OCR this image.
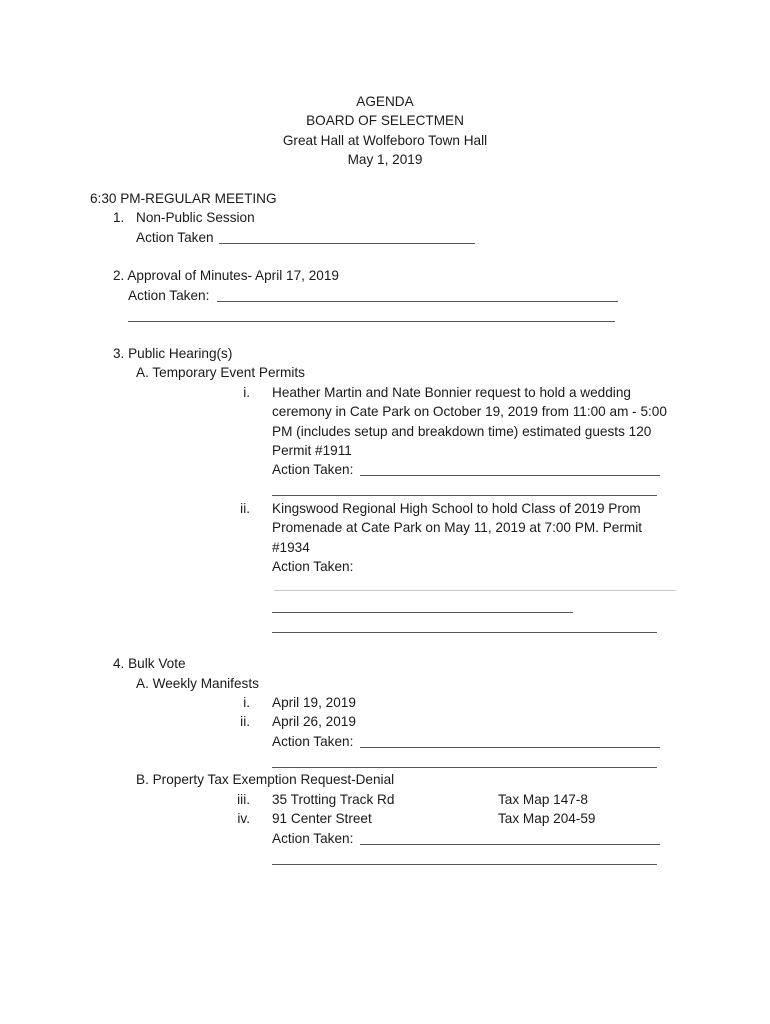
AGENDA
BOARD OF SELECTMEN
Great Hall at Wolfeboro Town Hall
May 1, 2019
6:30 PM-REGULAR MEETING
1. Non-Public Session
Action Taken
2. Approval of Minutes- April 17, 2019
Action Taken:
3. Public Hearing(s)
A. Temporary Event Permits
i. Heather Martin and Nate Bonnier request to hold a wedding
ceremony in Cate Park on October 19, 2019 from 11:00 am - 5:00
PM (includes setup and breakdown time) estimated guests 120
Permit #1911
Action Taken:
ii. Kingswood Regional High School to hold Class of 2019 Prom
Promenade at Cate Park on May 11, 2019 at 7:00 PM. Permit
#1934
Action Taken:
4. Bulk Vote
A. Weekly Manifests
i. April 19, 2019
ii. April 26, 2019
Action Taken:
B. Property Tax Exemption Request-Denial
iii. 35 Trotting Track Rd	Tax Map 147-8
iv. 91 Center Street	Tax Map 204-59
Action Taken:
